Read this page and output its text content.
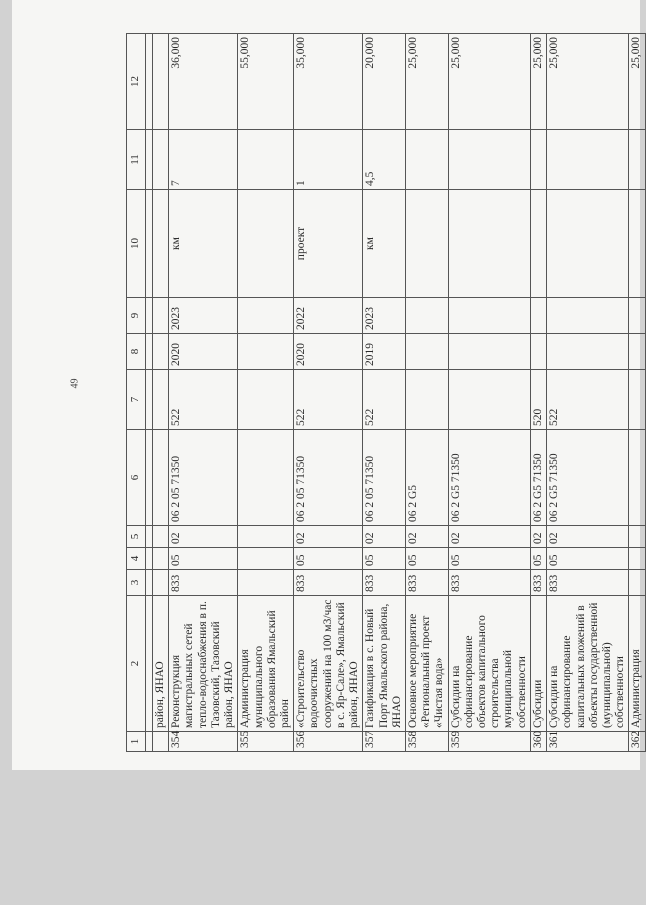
49
1	2	3	4	5	6	7	8	9	10	11	12

	район, ЯНАО										
354	Реконструкция магистральных сетей тепло-водоснабжения в п. Тазовский, Тазовский район, ЯНАО	833	05	02	06 2 05 71350	522	2020	2023	км	7	36,000
355	Администрация муниципального образования Ямальский район										55,000
356	«Строительство водоочистных сооружений на 100 м3/час в с. Яр-Сале», Ямальский район, ЯНАО	833	05	02	06 2 05 71350	522	2020	2022	проект	1	35,000
357	Газификация в с. Новый Порт Ямальского района, ЯНАО	833	05	02	06 2 05 71350	522	2019	2023	км	4,5	20,000
358	Основное мероприятие «Региональный проект «Чистая вода»	833	05	02	06 2 G5						25,000
359	Субсидии на софинансирование объектов капитального строительства муниципальной собственности	833	05	02	06 2 G5 71350						25,000
360	Субсидии	833	05	02	06 2 G5 71350	520					25,000
361	Субсидии на софинансирование капитальных вложений в объекты государственной (муниципальной) собственности	833	05	02	06 2 G5 71350	522					25,000
362	Администрация										25,000
